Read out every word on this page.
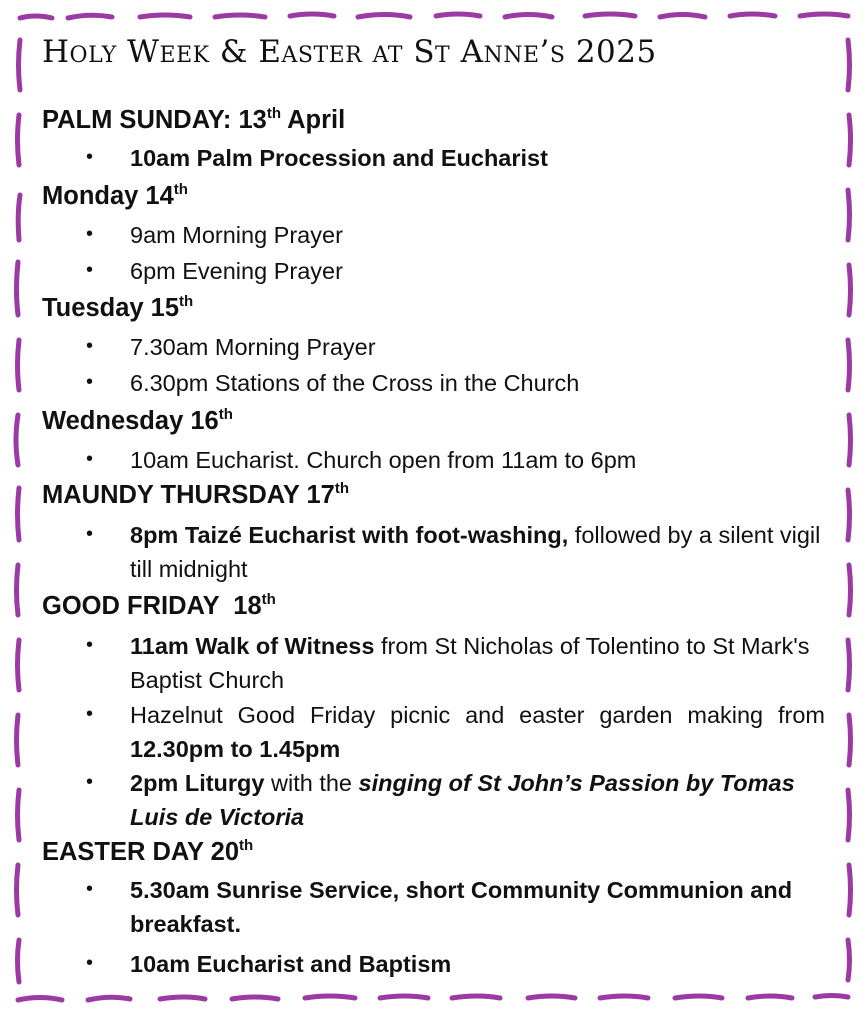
Holy Week & Easter at St Anne’s 2025
PALM SUNDAY: 13th April
• 10am Palm Procession and Eucharist
Monday 14th
• 9am Morning Prayer
• 6pm Evening Prayer
Tuesday 15th
• 7.30am Morning Prayer
• 6.30pm Stations of the Cross in the Church
Wednesday 16th
• 10am Eucharist. Church open from 11am to 6pm
MAUNDY THURSDAY 17th
• 8pm Taizé Eucharist with foot-washing, followed by a silent vigil till midnight
GOOD FRIDAY  18th
• 11am Walk of Witness from St Nicholas of Tolentino to St Mark's Baptist Church
• Hazelnut Good Friday picnic and easter garden making from 12.30pm to 1.45pm
• 2pm Liturgy with the singing of St John’s Passion by Tomas Luis de Victoria
EASTER DAY 20th
• 5.30am Sunrise Service, short Community Communion and breakfast.
• 10am Eucharist and Baptism
